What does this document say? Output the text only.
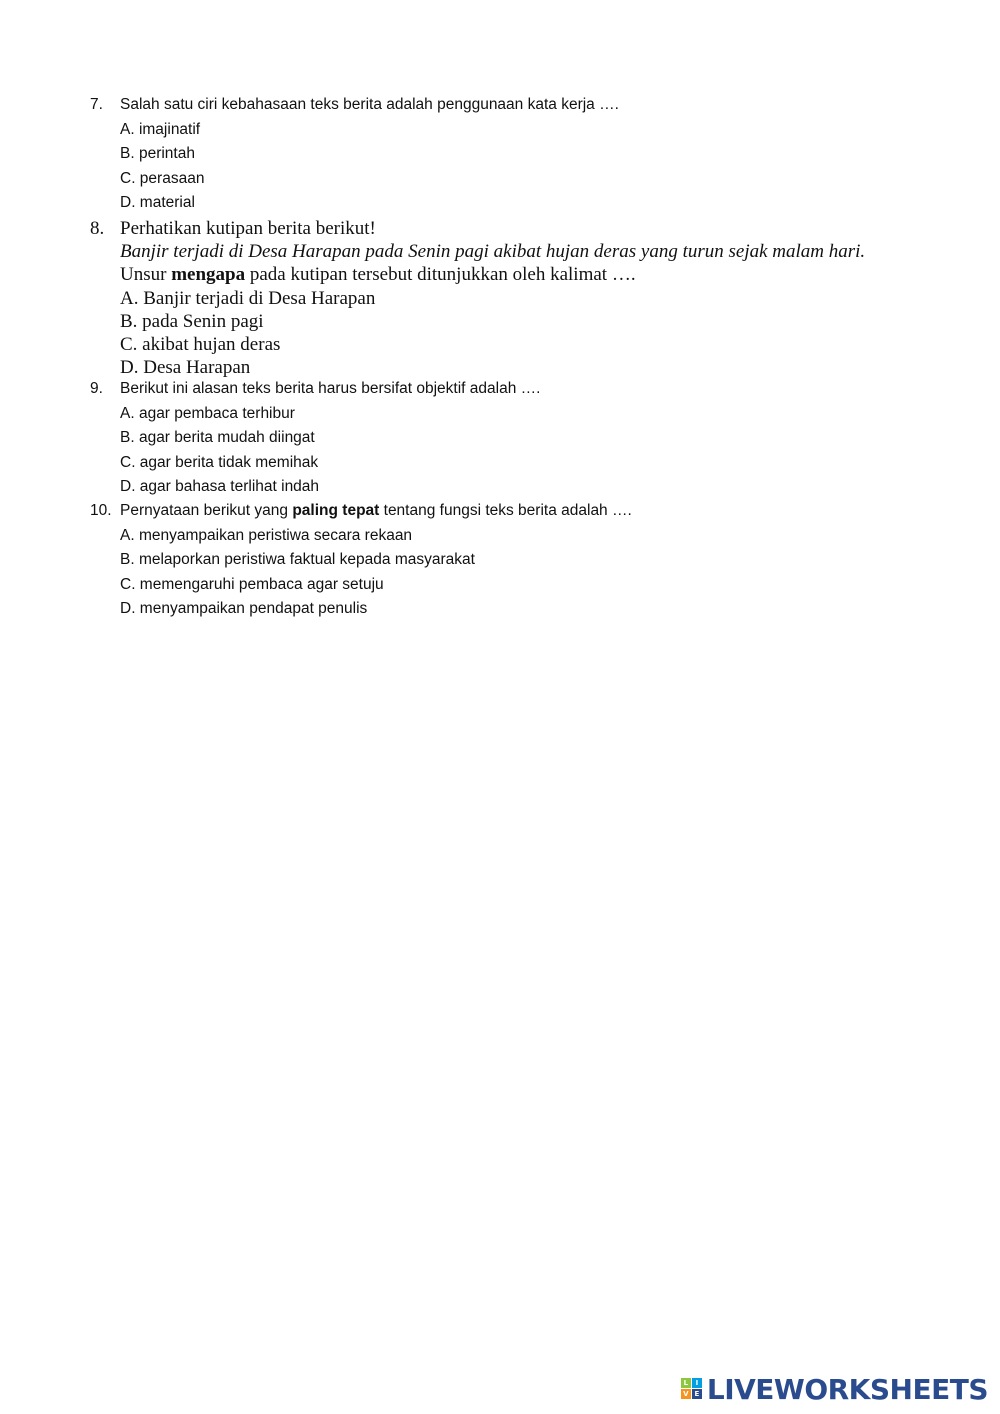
7. Salah satu ciri kebahasaan teks berita adalah penggunaan kata kerja ….
A. imajinatif
B. perintah
C. perasaan
D. material
8. Perhatikan kutipan berita berikut!
Banjir terjadi di Desa Harapan pada Senin pagi akibat hujan deras yang turun sejak malam hari.
Unsur mengapa pada kutipan tersebut ditunjukkan oleh kalimat ….
A. Banjir terjadi di Desa Harapan
B. pada Senin pagi
C. akibat hujan deras
D. Desa Harapan
9. Berikut ini alasan teks berita harus bersifat objektif adalah ….
A. agar pembaca terhibur
B. agar berita mudah diingat
C. agar berita tidak memihak
D. agar bahasa terlihat indah
10. Pernyataan berikut yang paling tepat tentang fungsi teks berita adalah ….
A. menyampaikan peristiwa secara rekaan
B. melaporkan peristiwa faktual kepada masyarakat
C. memengaruhi pembaca agar setuju
D. menyampaikan pendapat penulis
L	I
V E LIVEWORKSHEETS
